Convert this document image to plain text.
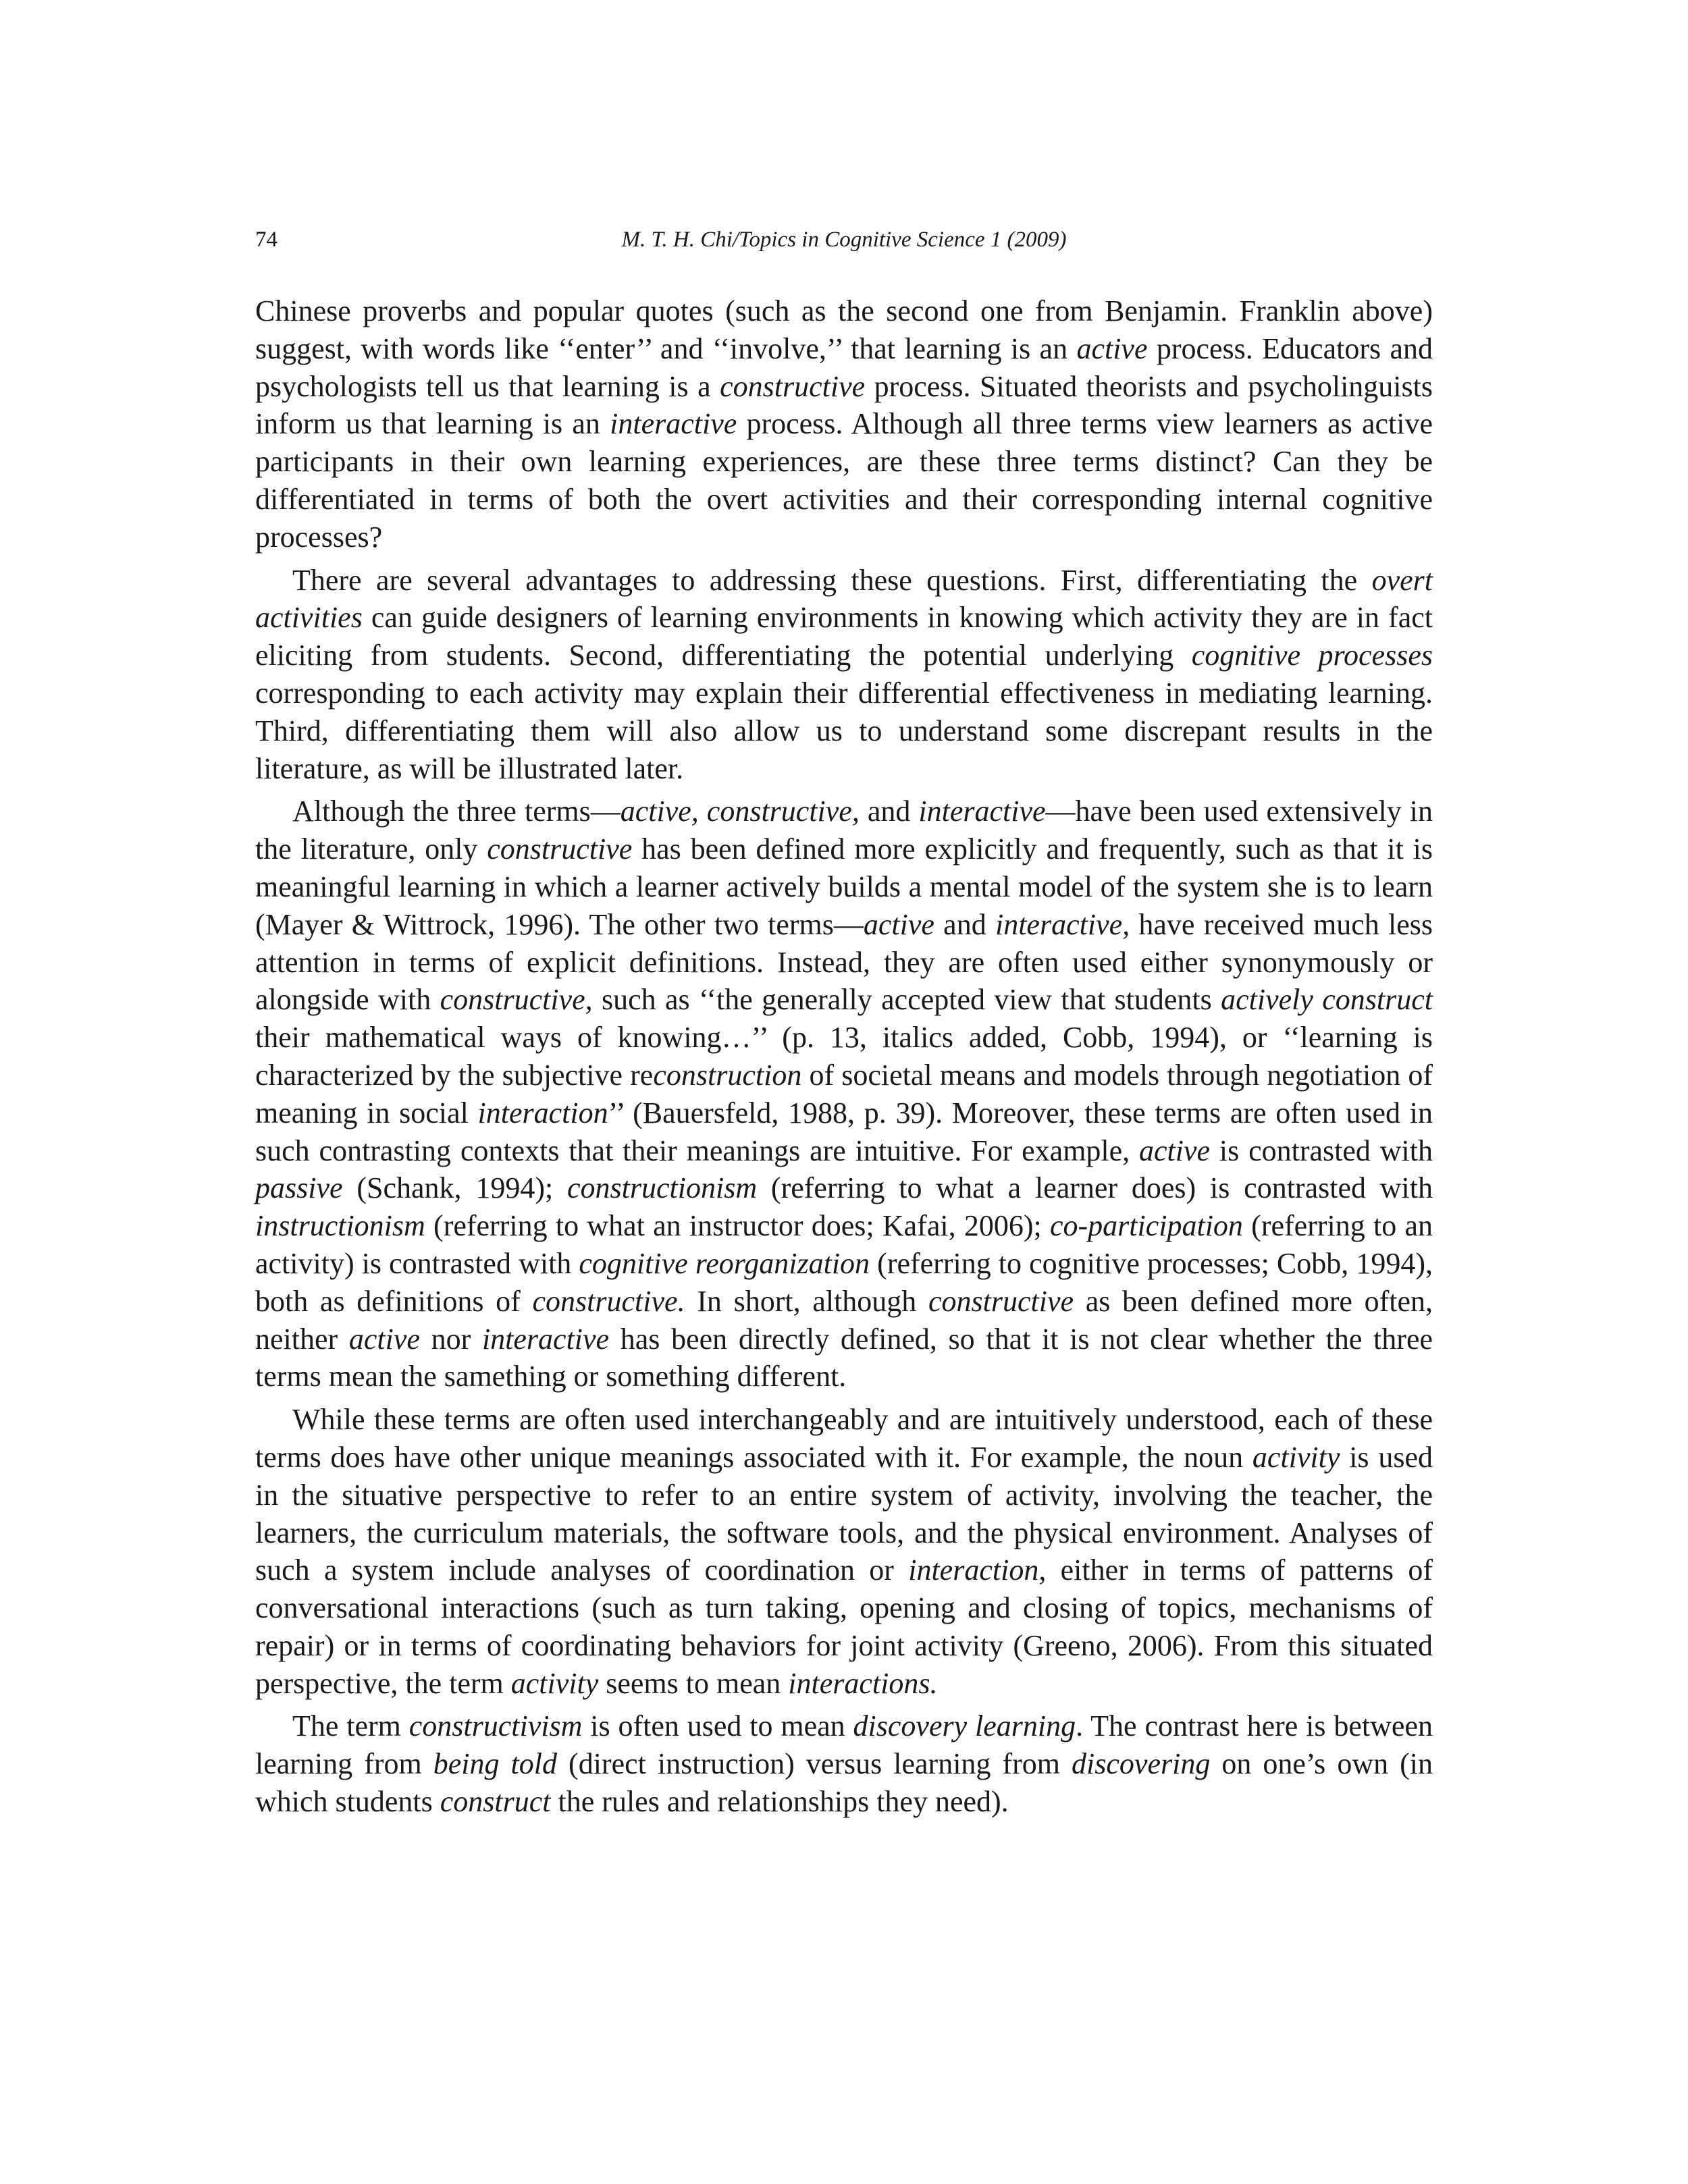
74	M. T. H. Chi/Topics in Cognitive Science 1 (2009)

Chinese proverbs and popular quotes (such as the second one from Benjamin. Franklin above) suggest, with words like ‘‘enter’’ and ‘‘involve,’’ that learning is an active process. Educators and psychologists tell us that learning is a constructive process. Situated theorists and psycholinguists inform us that learning is an interactive process. Although all three terms view learners as active participants in their own learning experiences, are these three terms distinct? Can they be differentiated in terms of both the overt activities and their corresponding internal cognitive processes?

There are several advantages to addressing these questions. First, differentiating the overt activities can guide designers of learning environments in knowing which activity they are in fact eliciting from students. Second, differentiating the potential underlying cognitive processes corresponding to each activity may explain their differential effectiveness in mediating learning. Third, differentiating them will also allow us to understand some discrepant results in the literature, as will be illustrated later.

Although the three terms—active, constructive, and interactive—have been used extensively in the literature, only constructive has been defined more explicitly and frequently, such as that it is meaningful learning in which a learner actively builds a mental model of the system she is to learn (Mayer & Wittrock, 1996). The other two terms—active and interactive, have received much less attention in terms of explicit definitions. Instead, they are often used either synonymously or alongside with constructive, such as ‘‘the generally accepted view that students actively construct their mathematical ways of knowing…’’ (p. 13, italics added, Cobb, 1994), or ‘‘learning is characterized by the subjective reconstruction of societal means and models through negotiation of meaning in social interaction’’ (Bauersfeld, 1988, p. 39). Moreover, these terms are often used in such contrasting contexts that their meanings are intuitive. For example, active is contrasted with passive (Schank, 1994); constructionism (referring to what a learner does) is contrasted with instructionism (referring to what an instructor does; Kafai, 2006); co-participation (referring to an activity) is contrasted with cognitive reorganization (referring to cognitive processes; Cobb, 1994), both as definitions of constructive. In short, although constructive as been defined more often, neither active nor interactive has been directly defined, so that it is not clear whether the three terms mean the samething or something different.

While these terms are often used interchangeably and are intuitively understood, each of these terms does have other unique meanings associated with it. For example, the noun activity is used in the situative perspective to refer to an entire system of activity, involving the teacher, the learners, the curriculum materials, the software tools, and the physical environment. Analyses of such a system include analyses of coordination or interaction, either in terms of patterns of conversational interactions (such as turn taking, opening and closing of topics, mechanisms of repair) or in terms of coordinating behaviors for joint activity (Greeno, 2006). From this situated perspective, the term activity seems to mean interactions.

The term constructivism is often used to mean discovery learning. The contrast here is between learning from being told (direct instruction) versus learning from discovering on one’s own (in which students construct the rules and relationships they need).
